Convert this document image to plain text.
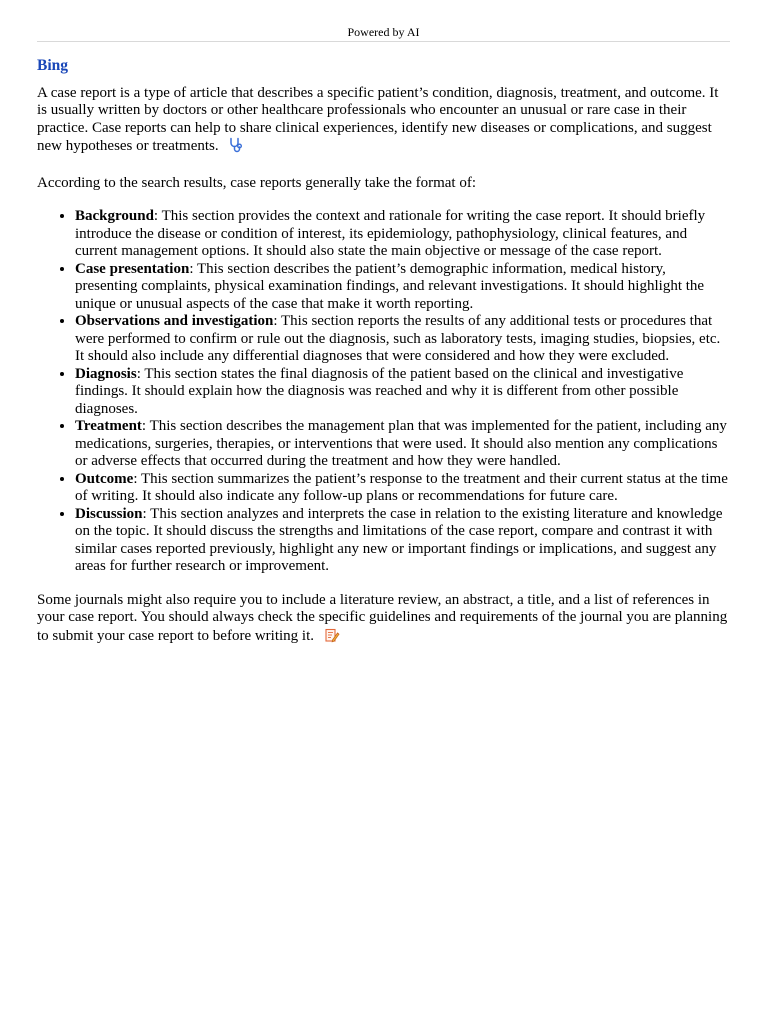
Powered by AI
Bing

A case report is a type of article that describes a specific patient’s condition, diagnosis, treatment, and outcome. It is usually written by doctors or other healthcare professionals who encounter an unusual or rare case in their practice. Case reports can help to share clinical experiences, identify new diseases or complications, and suggest new hypotheses or treatments.

According to the search results, case reports generally take the format of:

• Background: This section provides the context and rationale for writing the case report. It should briefly introduce the disease or condition of interest, its epidemiology, pathophysiology, clinical features, and current management options. It should also state the main objective or message of the case report.
• Case presentation: This section describes the patient’s demographic information, medical history, presenting complaints, physical examination findings, and relevant investigations. It should highlight the unique or unusual aspects of the case that make it worth reporting.
• Observations and investigation: This section reports the results of any additional tests or procedures that were performed to confirm or rule out the diagnosis, such as laboratory tests, imaging studies, biopsies, etc. It should also include any differential diagnoses that were considered and how they were excluded.
• Diagnosis: This section states the final diagnosis of the patient based on the clinical and investigative findings. It should explain how the diagnosis was reached and why it is different from other possible diagnoses.
• Treatment: This section describes the management plan that was implemented for the patient, including any medications, surgeries, therapies, or interventions that were used. It should also mention any complications or adverse effects that occurred during the treatment and how they were handled.
• Outcome: This section summarizes the patient’s response to the treatment and their current status at the time of writing. It should also indicate any follow-up plans or recommendations for future care.
• Discussion: This section analyzes and interprets the case in relation to the existing literature and knowledge on the topic. It should discuss the strengths and limitations of the case report, compare and contrast it with similar cases reported previously, highlight any new or important findings or implications, and suggest any areas for further research or improvement.

Some journals might also require you to include a literature review, an abstract, a title, and a list of references in your case report. You should always check the specific guidelines and requirements of the journal you are planning to submit your case report to before writing it.
